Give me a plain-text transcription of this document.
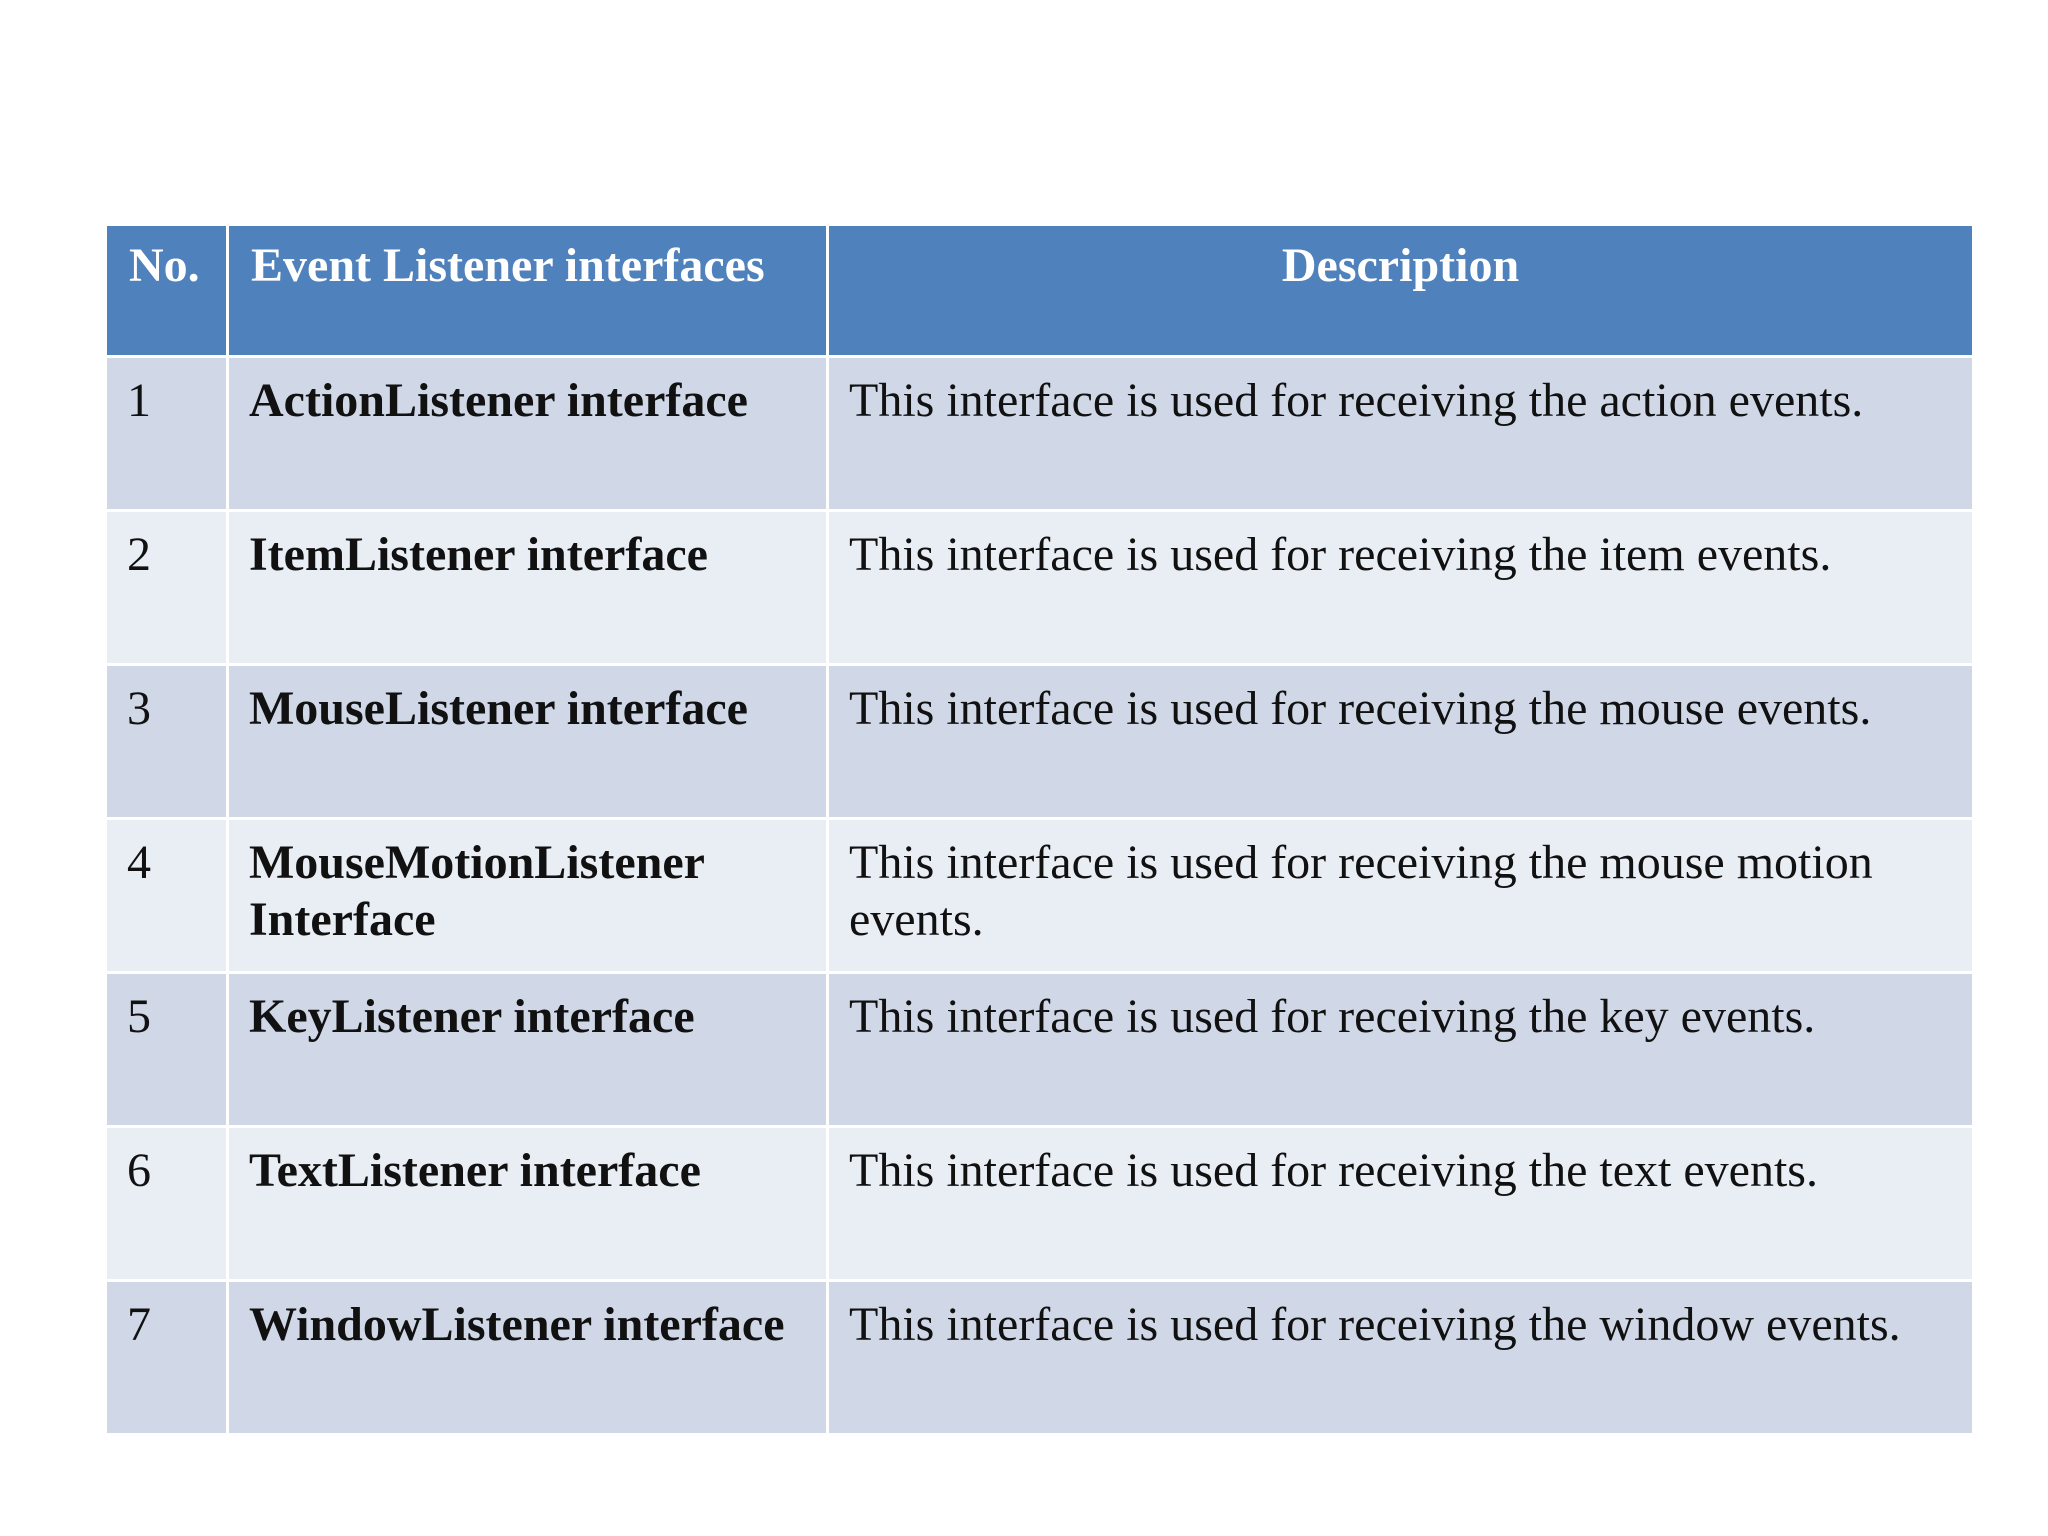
No.	Event Listener interfaces	Description
1	ActionListener interface	This interface is used for receiving the action events.
2	ItemListener interface	This interface is used for receiving the item events.
3	MouseListener interface	This interface is used for receiving the mouse events.
4	MouseMotionListener Interface	This interface is used for receiving the mouse motion events.
5	KeyListener interface	This interface is used for receiving the key events.
6	TextListener interface	This interface is used for receiving the text events.
7	WindowListener interface	This interface is used for receiving the window events.
